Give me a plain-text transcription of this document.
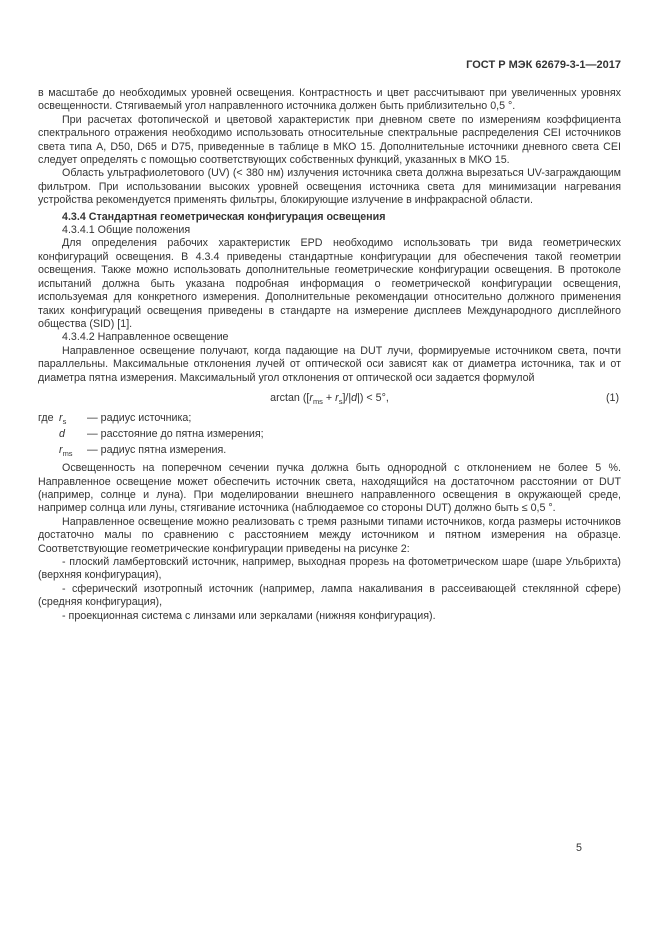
ГОСТ Р МЭК 62679-3-1—2017

в масштабе до необходимых уровней освещения. Контрастность и цвет рассчитывают при увеличенных уровнях освещенности. Стягиваемый угол направленного источника должен быть приблизительно 0,5 °.

При расчетах фотопической и цветовой характеристик при дневном свете по измерениям коэффициента спектрального отражения необходимо использовать относительные спектральные распределения CEI источников света типа A, D50, D65 и D75, приведенные в таблице в МКО 15. Дополнительные источники дневного света CEI следует определять с помощью соответствующих собственных функций, указанных в МКО 15.

Область ультрафиолетового (UV) (< 380 нм) излучения источника света должна вырезаться UV-заграждающим фильтром. При использовании высоких уровней освещения источника света для минимизации нагревания устройства рекомендуется применять фильтры, блокирующие излучение в инфракрасной области.

4.3.4 Стандартная геометрическая конфигурация освещения

4.3.4.1 Общие положения

Для определения рабочих характеристик EPD необходимо использовать три вида геометрических конфигураций освещения. В 4.3.4 приведены стандартные конфигурации для обеспечения такой геометрии освещения. Также можно использовать дополнительные геометрические конфигурации освещения. В протоколе испытаний должна быть указана подробная информация о геометрической конфигурации освещения, используемая для конкретного измерения. Дополнительные рекомендации относительно должного применения таких конфигураций освещения приведены в стандарте на измерение дисплеев Международного дисплейного общества (SID) [1].

4.3.4.2 Направленное освещение

Направленное освещение получают, когда падающие на DUT лучи, формируемые источником света, почти параллельны. Максимальные отклонения лучей от оптической оси зависят как от диаметра источника, так и от диаметра пятна измерения. Максимальный угол отклонения от оптической оси задается формулой

$\arctan ([r_{ms} + r_s]/|d|) < 5^\circ$,	(1)
где $r_s$	— радиус источника;
d	— расстояние до пятна измерения;
$r_{ms}$	— радиус пятна измерения.

Освещенность на поперечном сечении пучка должна быть однородной с отклонением не более 5 %. Направленное освещение может обеспечить источник света, находящийся на достаточном расстоянии от DUT (например, солнце и луна). При моделировании внешнего направленного освещения в окружающей среде, например солнца или луны, стягивание источника (наблюдаемое со стороны DUT) должно быть ≤ 0,5 °.

Направленное освещение можно реализовать с тремя разными типами источников, когда размеры источников достаточно малы по сравнению с расстоянием между источником и пятном измерения на образце. Соответствующие геометрические конфигурации приведены на рисунке 2:

- плоский ламбертовский источник, например, выходная прорезь на фотометрическом шаре (шаре Ульбрихта) (верхняя конфигурация),

- сферический изотропный источник (например, лампа накаливания в рассеивающей стеклянной сфере) (средняя конфигурация),

- проекционная система с линзами или зеркалами (нижняя конфигурация).

5
